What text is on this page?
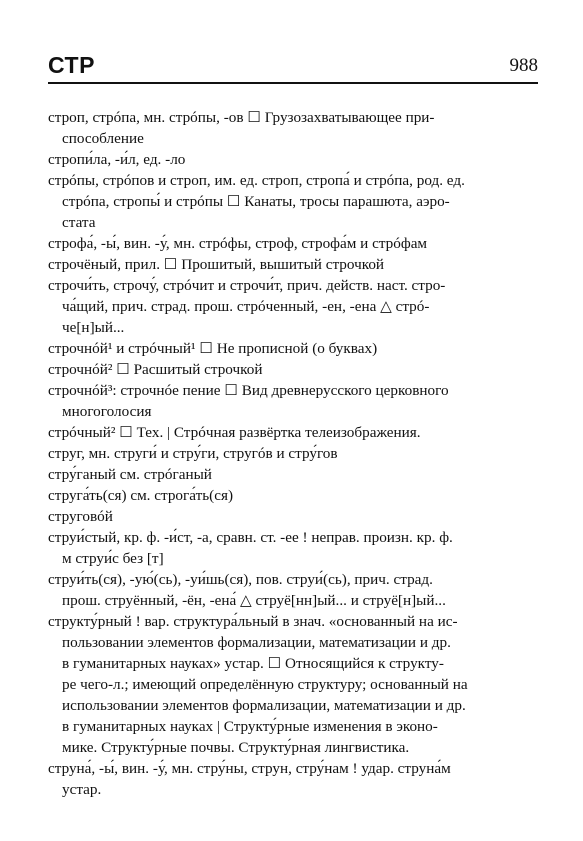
СТР	988
строп, стрóпа, мн. стрóпы, -ов ☐ Грузозахватывающее при-

способление
стропи́ла, -и́л, ед. -ло
стрóпы, стрóпов и строп, им. ед. строп, стропа́ и стрóпа, род. ед.

стрóпа, стропы́ и стрóпы ☐ Канаты, тросы парашюта, аэро-
стата
строфа́, -ы́, вин. -у́, мн. стрóфы, строф, строфа́м и стрóфам
строчёный, прил. ☐ Прошитый, вышитый строчкой
строчи́ть, строчу́, стрóчит и строчи́т, прич. действ. наст. стро-

ча́щий, прич. страд. прош. стрóченный, -ен, -ена △ стрó-
че[н]ый...
строчнóй¹ и стрóчный¹ ☐ Не прописной (о буквах)
строчнóй² ☐ Расшитый строчкой
строчнóй³: строчнóе пение ☐ Вид древнерусского церковного

многоголосия
стрóчный² ☐ Тех. | Стрóчная развёртка телеизображения.
струг, мн. струги́ и стру́ги, стругóв и стру́гов
стру́ганый см. стрóганый
струга́ть(ся) см. строга́ть(ся)
струговóй
струи́стый, кр. ф. -и́ст, -а, сравн. ст. -ее ! неправ. произн. кр. ф.

м струи́с без [т]
струи́ть(ся), -ую́(сь), -уи́шь(ся), пов. струи́(сь), прич. страд.

прош. струённый, -ён, -ена́ △ струё[нн]ый... и струё[н]ый...
структу́рный ! вар. структура́льный в знач. «основанный на ис-

пользовании элементов формализации, математизации и др.
в гуманитарных науках» устар. ☐ Относящийся к структу-
ре чего-л.; имеющий определённую структуру; основанный на
использовании элементов формализации, математизации и др.
в гуманитарных науках | Структу́рные изменения в эконо-
мике. Структу́рные почвы. Структу́рная лингвистика.
струна́, -ы́, вин. -у́, мн. стру́ны, струн, стру́нам ! удар. струна́м

устар.
